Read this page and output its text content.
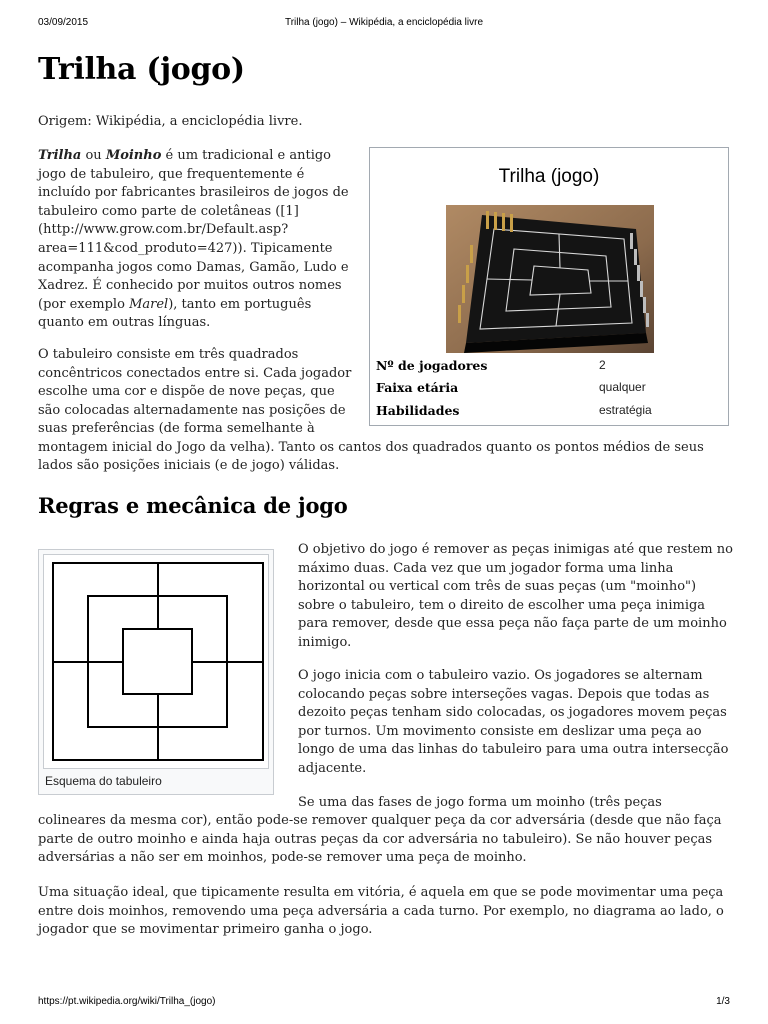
03/09/2015	Trilha (jogo) – Wikipédia, a enciclopédia livre
Trilha (jogo)

Origem: Wikipédia, a enciclopédia livre.

Trilha ou Moinho é um tradicional e antigo jogo de tabuleiro, que frequentemente é incluído por fabricantes brasileiros de jogos de tabuleiro como parte de coletâneas ([1] (http://www.grow.com.br/Default.asp?area=111&cod_produto=427)). Tipicamente acompanha jogos como Damas, Gamão, Ludo e Xadrez. É conhecido por muitos outros nomes (por exemplo Marel), tanto em português quanto em outras línguas.

O tabuleiro consiste em três quadrados concêntricos conectados entre si. Cada jogador escolhe uma cor e dispõe de nove peças, que são colocadas alternadamente nas posições de suas preferências (de forma semelhante à

montagem inicial do Jogo da velha). Tanto os cantos dos quadrados quanto os pontos médios de seus

lados são posições iniciais (e de jogo) válidas.

Trilha (jogo)
Nº de jogadores	2
Faixa etária	qualquer
Habilidades	estratégia
Regras e mecânica de jogo
Esquema do tabuleiro

O objetivo do jogo é remover as peças inimigas até que restem no máximo duas. Cada vez que um jogador forma uma linha horizontal ou vertical com três de suas peças (um "moinho") sobre o tabuleiro, tem o direito de escolher uma peça inimiga para remover, desde que essa peça não faça parte de um moinho inimigo.

O jogo inicia com o tabuleiro vazio. Os jogadores se alternam colocando peças sobre interseções vagas. Depois que todas as dezoito peças tenham sido colocadas, os jogadores movem peças por turnos. Um movimento consiste em deslizar uma peça ao longo de uma das linhas do tabuleiro para uma outra intersecção adjacente.

Se uma das fases de jogo forma um moinho (três peças

colineares da mesma cor), então pode-se remover qualquer peça da cor adversária (desde que não faça parte de outro moinho e ainda haja outras peças da cor adversária no tabuleiro). Se não houver peças adversárias a não ser em moinhos, pode-se remover uma peça de moinho.

Uma situação ideal, que tipicamente resulta em vitória, é aquela em que se pode movimentar uma peça entre dois moinhos, removendo uma peça adversária a cada turno. Por exemplo, no diagrama ao lado, o jogador que se movimentar primeiro ganha o jogo.

https://pt.wikipedia.org/wiki/Trilha_(jogo)	1/3
